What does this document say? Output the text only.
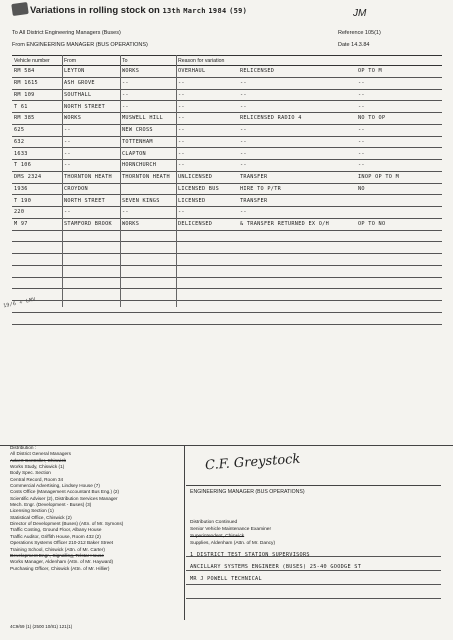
Variations in rolling stock on 13th March 1984 (59)	JM
To All District Engineering Managers (Buses)
From ENGINEERING MANAGER (BUS OPERATIONS)
Reference 105(1)
Date 14.3.84
Vehicle number	From	To	Reason for variation		
RM 584	LEYTON	WORKS	OVERHAUL	RELICENSED	OP TO M
RM 1615	ASH GROVE	--	--	--	--
RM 109	SOUTHALL	--	--	--	--
T 61	NORTH STREET	--	--	--	--
RM 385	WORKS	MUSWELL HILL	--	RELICENSED RADIO 4	NO TO OP
625	--	NEW CROSS	--	--	--
632	--	TOTTENHAM	--	--	--
1633	--	CLAPTON	--	--	--
T 106	--	HORNCHURCH	--	--	--
DMS 2324	THORNTON HEATH	THORNTON HEATH	UNLICENSED	TRANSFER	INOP OP TO M
1936	CROYDON		LICENSED BUS	HIRE TO P/TR	NO
T 190	NORTH STREET	SEVEN KINGS	LICENSED	TRANSFER	
220	--	--	--	--	
M 97	STAMFORD BROOK	WORKS	DELICENSED	& TRANSFER RETURNED EX O/H	OP TO NO

19/6 + LMV
Distribution :
All District General Managers
Advert Controller, Chiswick
Works Study, Chiswick (1)
Body Spec. Section
Central Record, Room 34
Commercial Advertising, Lindsey House (7)
Costs Office (Management Accountant Bus Eng.) (2)
Scientific Adviser (2), Distribution Services Manager
Mech. Engr. (Development - Buses) (3)
Licensing Section (1)
Statistical Office, Chiswick (2)
Director of Development (Buses) (Attn. of Mr. Symons)
Traffic Costing, Ground Floor, Albany House
Traffic Auditor, Griffith House, Room 432 (2)
Operations Systems Officer 210-212 Baker Street
Training School, Chiswick (Attn. of Mr. Carter)
Development Engr., Signalling, Telstar House
Works Manager, Aldenham (Attn. of Mr. Hayward)
Purchasing Officer, Chiswick (Attn. of Mr. Hillier)
C.F. Greystock
ENGINEERING MANAGER (BUS OPERATIONS)
Distribution Continued
Senior Vehicle Maintenance Examiner
Superintendent, Chiswick
Supplies, Aldenham (Attn. of Mr. Dancy)
1 DISTRICT TEST STATION SUPERVISORS
ANCILLARY SYSTEMS ENGINEER (BUSES) 25-40 GOODGE ST
MR J POWELL TECHNICAL
4C9/69 (1) (2500 10/81) 121(1)
